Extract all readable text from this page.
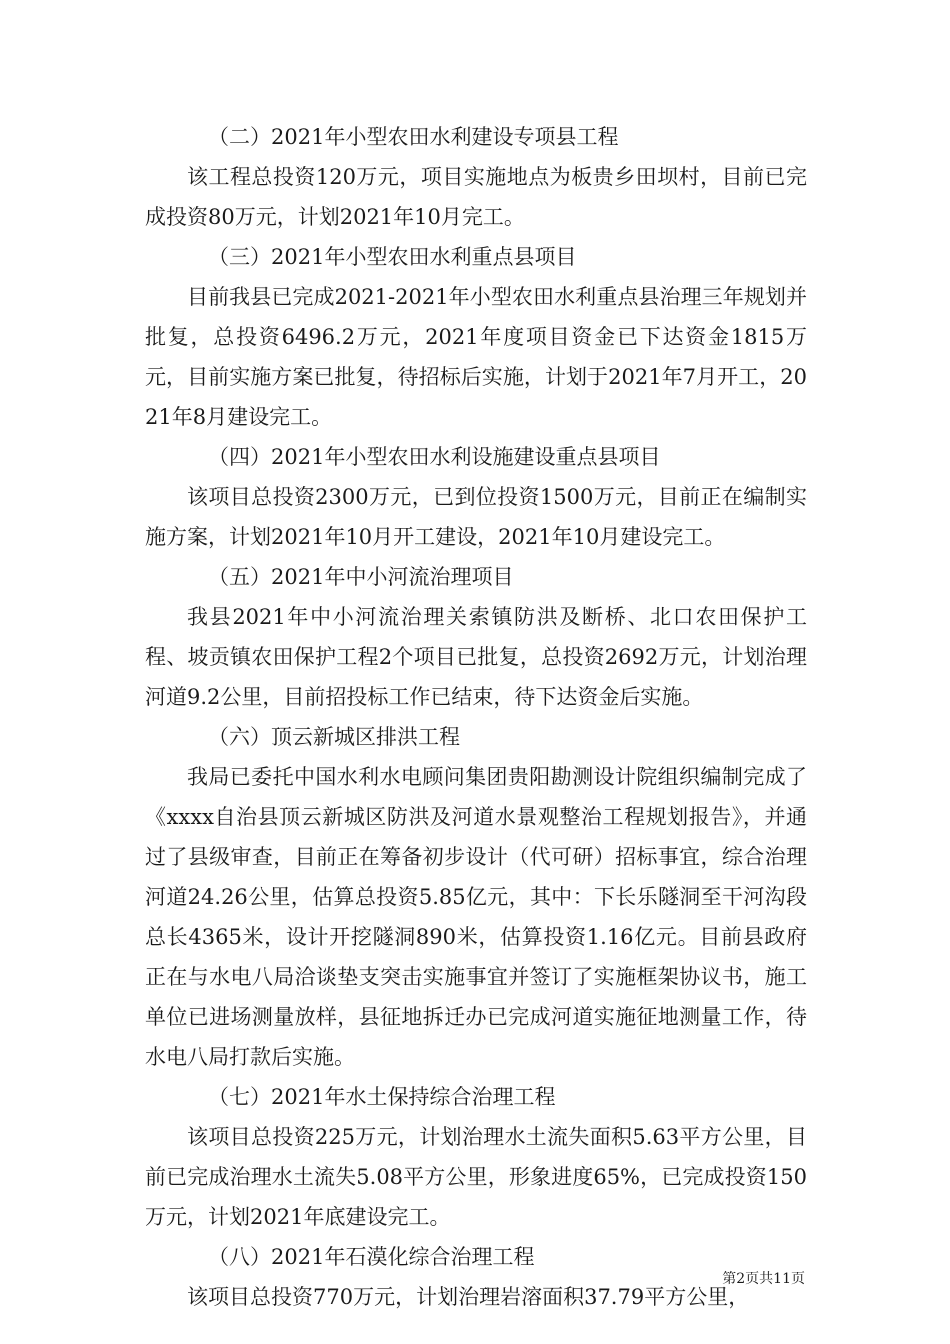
（二）2021年小型农田水利建设专项县工程

该工程总投资120万元，项目实施地点为板贵乡田坝村，目前已完成投资80万元，计划2021年10月完工。

（三）2021年小型农田水利重点县项目

目前我县已完成2021-2021年小型农田水利重点县治理三年规划并批复，总投资6496.2万元，2021年度项目资金已下达资金1815万元，目前实施方案已批复，待招标后实施，计划于2021年7月开工，2021年8月建设完工。

（四）2021年小型农田水利设施建设重点县项目

该项目总投资2300万元，已到位投资1500万元，目前正在编制实施方案，计划2021年10月开工建设，2021年10月建设完工。

（五）2021年中小河流治理项目

我县2021年中小河流治理关索镇防洪及断桥、北口农田保护工程、坡贡镇农田保护工程2个项目已批复，总投资2692万元，计划治理河道9.2公里，目前招投标工作已结束，待下达资金后实施。

（六）顶云新城区排洪工程

我局已委托中国水利水电顾问集团贵阳勘测设计院组织编制完成了《xxxx自治县顶云新城区防洪及河道水景观整治工程规划报告》，并通过了县级审查，目前正在筹备初步设计（代可研）招标事宜，综合治理河道24.26公里，估算总投资5.85亿元，其中：下长乐隧洞至干河沟段总长4365米，设计开挖隧洞890米，估算投资1.16亿元。目前县政府正在与水电八局洽谈垫支突击实施事宜并签订了实施框架协议书，施工单位已进场测量放样，县征地拆迁办已完成河道实施征地测量工作，待水电八局打款后实施。

（七）2021年水土保持综合治理工程

该项目总投资225万元，计划治理水土流失面积5.63平方公里，目前已完成治理水土流失5.08平方公里，形象进度65%，已完成投资150万元，计划2021年底建设完工。

（八）2021年石漠化综合治理工程

该项目总投资770万元，计划治理岩溶面积37.79平方公里，

第2页共11页
